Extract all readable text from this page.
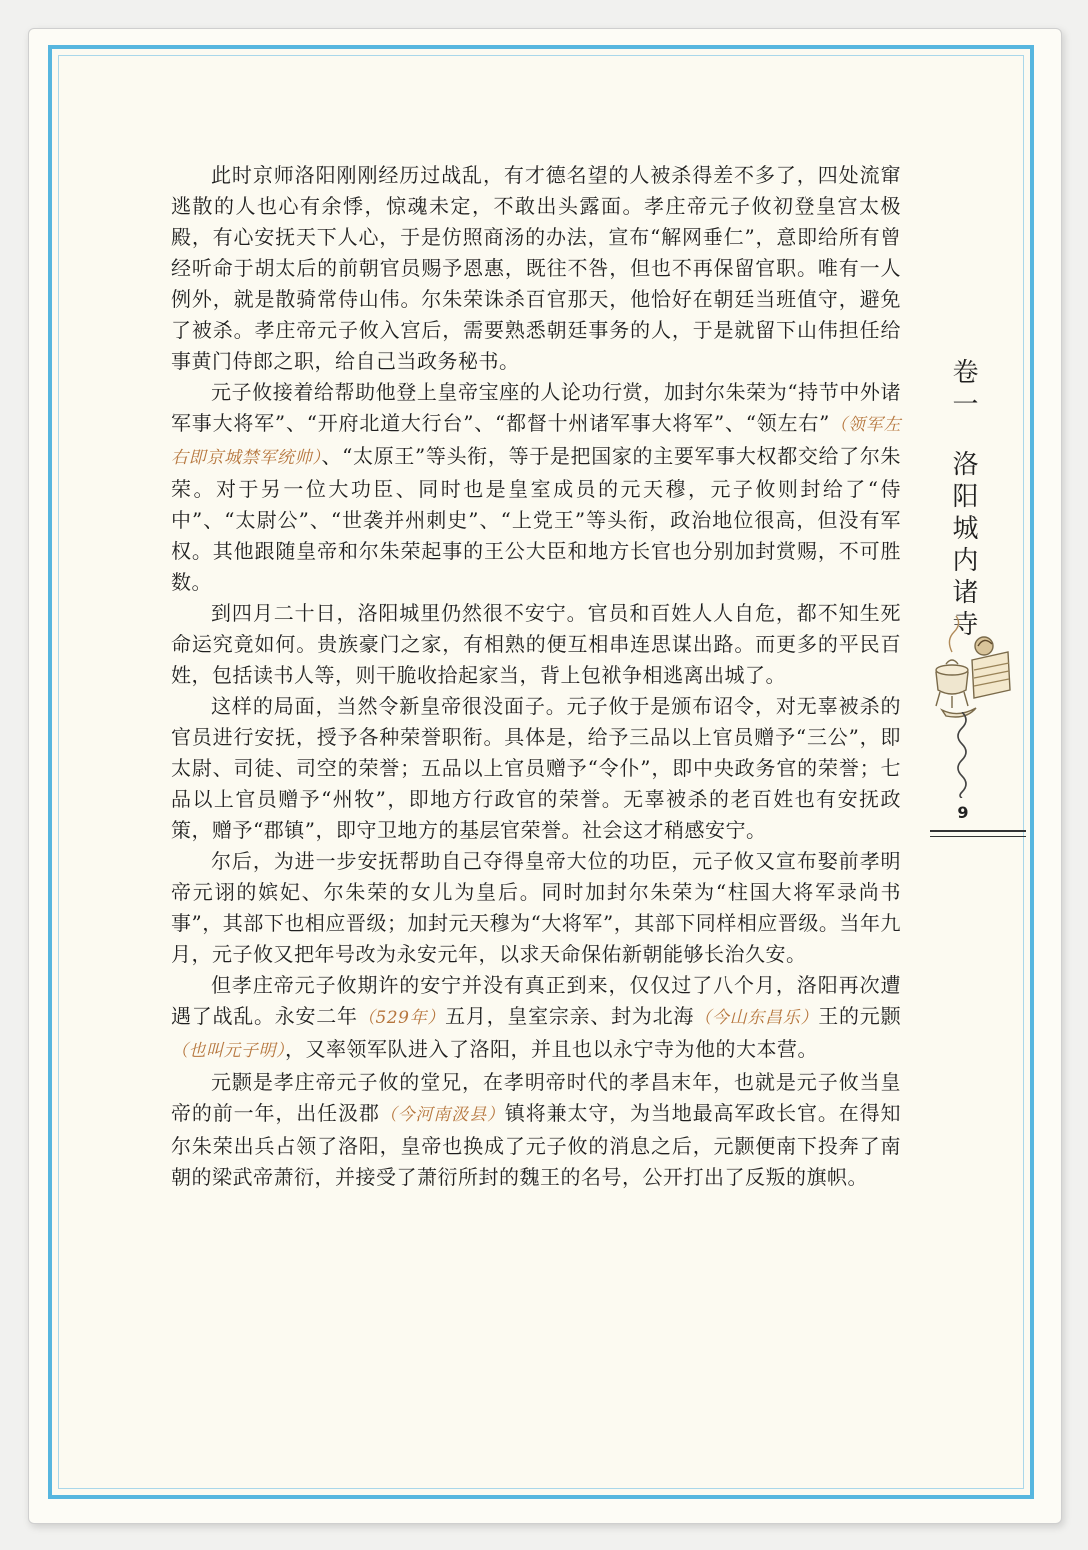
此时京师洛阳刚刚经历过战乱，有才德名望的人被杀得差不多了，四处流窜逃散的人也心有余悸，惊魂未定，不敢出头露面。孝庄帝元子攸初登皇宫太极殿，有心安抚天下人心，于是仿照商汤的办法，宣布“解网垂仁”，意即给所有曾经听命于胡太后的前朝官员赐予恩惠，既往不咎，但也不再保留官职。唯有一人例外，就是散骑常侍山伟。尔朱荣诛杀百官那天，他恰好在朝廷当班值守，避免了被杀。孝庄帝元子攸入宫后，需要熟悉朝廷事务的人，于是就留下山伟担任给事黄门侍郎之职，给自己当政务秘书。

元子攸接着给帮助他登上皇帝宝座的人论功行赏，加封尔朱荣为“持节中外诸军事大将军”、“开府北道大行台”、“都督十州诸军事大将军”、“领左右”（领军左右即京城禁军统帅）、“太原王”等头衔，等于是把国家的主要军事大权都交给了尔朱荣。对于另一位大功臣、同时也是皇室成员的元天穆，元子攸则封给了“侍中”、“太尉公”、“世袭并州刺史”、“上党王”等头衔，政治地位很高，但没有军权。其他跟随皇帝和尔朱荣起事的王公大臣和地方长官也分别加封赏赐，不可胜数。

到四月二十日，洛阳城里仍然很不安宁。官员和百姓人人自危，都不知生死命运究竟如何。贵族豪门之家，有相熟的便互相串连思谋出路。而更多的平民百姓，包括读书人等，则干脆收拾起家当，背上包袱争相逃离出城了。

这样的局面，当然令新皇帝很没面子。元子攸于是颁布诏令，对无辜被杀的官员进行安抚，授予各种荣誉职衔。具体是，给予三品以上官员赠予“三公”，即太尉、司徒、司空的荣誉；五品以上官员赠予“令仆”，即中央政务官的荣誉；七品以上官员赠予“州牧”，即地方行政官的荣誉。无辜被杀的老百姓也有安抚政策，赠予“郡镇”，即守卫地方的基层官荣誉。社会这才稍感安宁。

尔后，为进一步安抚帮助自己夺得皇帝大位的功臣，元子攸又宣布娶前孝明帝元诩的嫔妃、尔朱荣的女儿为皇后。同时加封尔朱荣为“柱国大将军录尚书事”，其部下也相应晋级；加封元天穆为“大将军”，其部下同样相应晋级。当年九月，元子攸又把年号改为永安元年，以求天命保佑新朝能够长治久安。

但孝庄帝元子攸期许的安宁并没有真正到来，仅仅过了八个月，洛阳再次遭遇了战乱。永安二年（529年）五月，皇室宗亲、封为北海（今山东昌乐）王的元颢（也叫元子明），又率领军队进入了洛阳，并且也以永宁寺为他的大本营。

元颢是孝庄帝元子攸的堂兄，在孝明帝时代的孝昌末年，也就是元子攸当皇帝的前一年，出任汲郡（今河南汲县）镇将兼太守，为当地最高军政长官。在得知尔朱荣出兵占领了洛阳，皇帝也换成了元子攸的消息之后，元颢便南下投奔了南朝的梁武帝萧衍，并接受了萧衍所封的魏王的名号，公开打出了反叛的旗帜。

卷一洛阳城内诸寺
9
